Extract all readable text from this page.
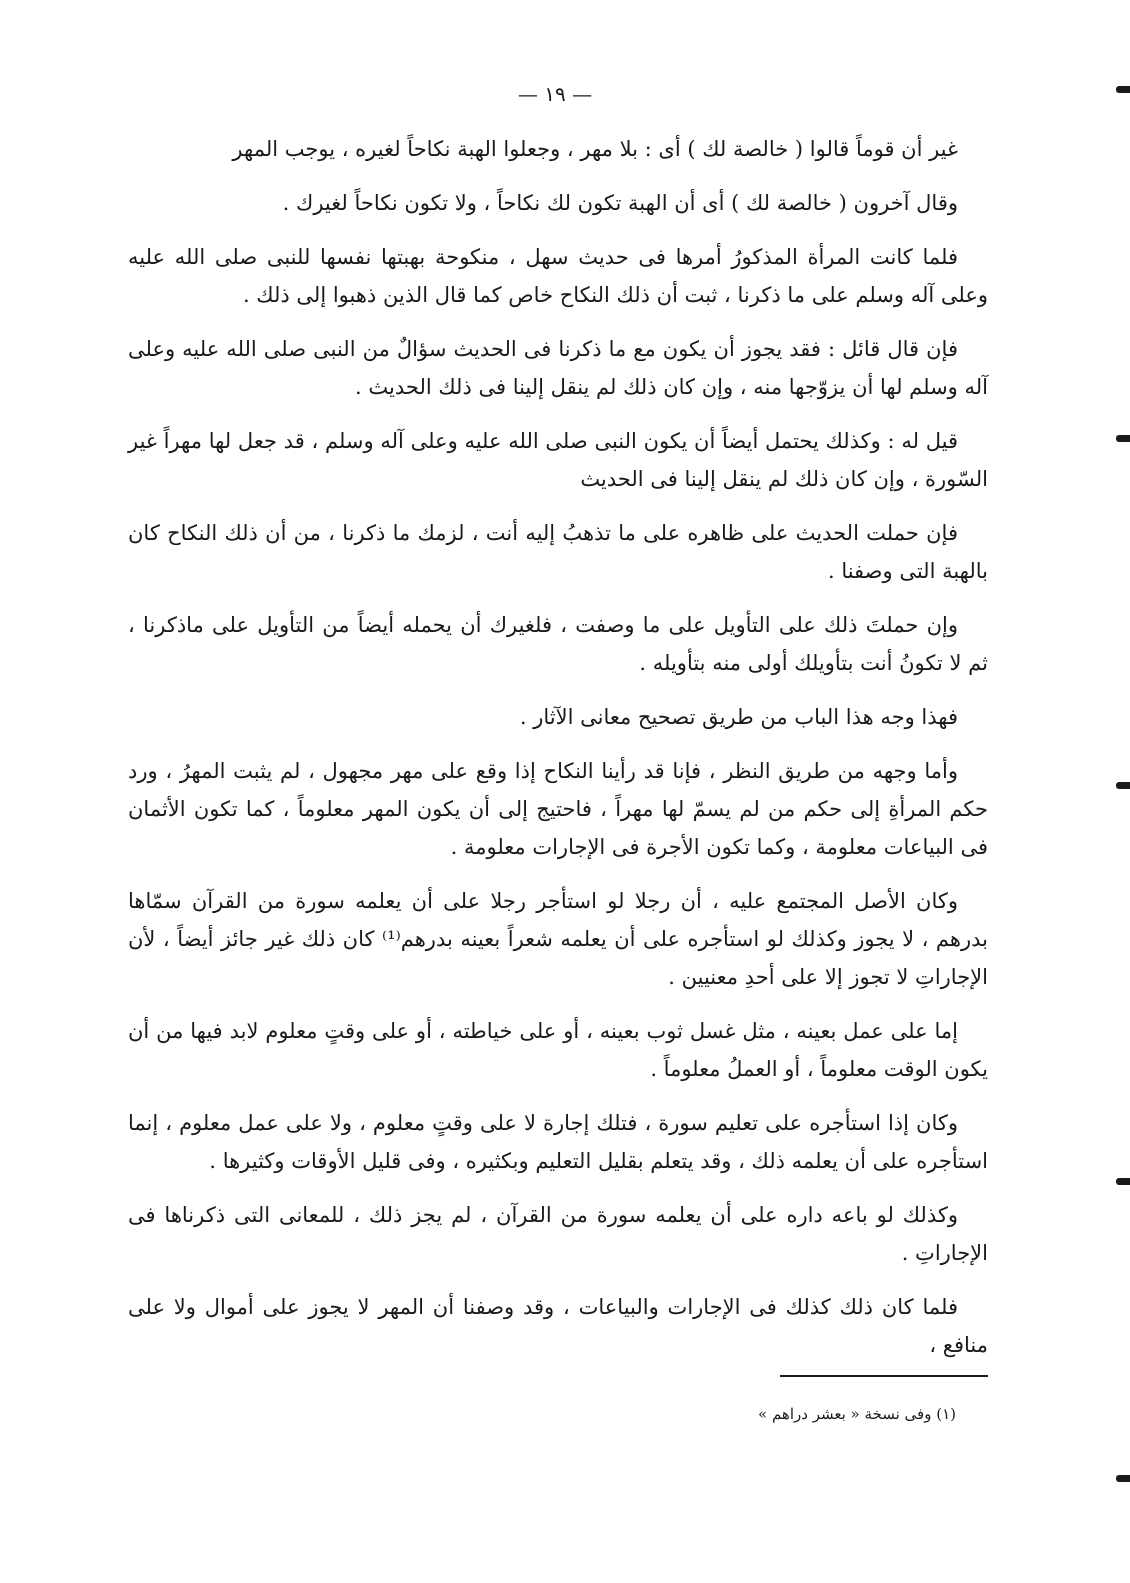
— ١٩ —

غير أن قوماً قالوا ( خالصة لك ) أى : بلا مهر ، وجعلوا الهبة نكاحاً لغيره ، يوجب المهر

وقال آخرون ( خالصة لك ) أى أن الهبة تكون لك نكاحاً ، ولا تكون نكاحاً لغيرك .

فلما كانت المرأة المذكورُ أمرها فى حديث سهل ، منكوحة بهبتها نفسها للنبى صلى الله عليه وعلى آله وسلم على ما ذكرنا ، ثبت أن ذلك النكاح خاص كما قال الذين ذهبوا إلى ذلك .

فإن قال قائل : فقد يجوز أن يكون مع ما ذكرنا فى الحديث سؤالٌ من النبى صلى الله عليه وعلى آله وسلم لها أن يزوّجها منه ، وإن كان ذلك لم ينقل إلينا فى ذلك الحديث .

قيل له : وكذلك يحتمل أيضاً أن يكون النبى صلى الله عليه وعلى آله وسلم ، قد جعل لها مهراً غير السّورة ، وإن كان ذلك لم ينقل إلينا فى الحديث

فإن حملت الحديث على ظاهره على ما تذهبُ إليه أنت ، لزمك ما ذكرنا ، من أن ذلك النكاح كان بالهبة التى وصفنا .

وإن حملتَ ذلك على التأويل على ما وصفت ، فلغيرك أن يحمله أيضاً من التأويل على ماذكرنا ، ثم لا تكونُ أنت بتأويلك أولى منه بتأويله .

فهذا وجه هذا الباب من طريق تصحيح معانى الآثار .

وأما وجهه من طريق النظر ، فإنا قد رأينا النكاح إذا وقع على مهر مجهول ، لم يثبت المهرُ ، ورد حكم المرأةِ إلى حكم من لم يسمّ لها مهراً ، فاحتيج إلى أن يكون المهر معلوماً ، كما تكون الأثمان فى البياعات معلومة ، وكما تكون الأجرة فى الإجارات معلومة .

وكان الأصل المجتمع عليه ، أن رجلا لو استأجر رجلا على أن يعلمه سورة من القرآن سمّاها بدرهم ، لا يجوز وكذلك لو استأجره على أن يعلمه شعراً بعينه بدرهم⁽¹⁾ كان ذلك غير جائز أيضاً ، لأن الإجاراتِ لا تجوز إلا على أحدِ معنيين .

إما على عمل بعينه ، مثل غسل ثوب بعينه ، أو على خياطته ، أو على وقتٍ معلوم لابد فيها من أن يكون الوقت معلوماً ، أو العملُ معلوماً .

وكان إذا استأجره على تعليم سورة ، فتلك إجارة لا على وقتٍ معلوم ، ولا على عمل معلوم ، إنما استأجره على أن يعلمه ذلك ، وقد يتعلم بقليل التعليم وبكثيره ، وفى قليل الأوقات وكثيرها .

وكذلك لو باعه داره على أن يعلمه سورة من القرآن ، لم يجز ذلك ، للمعانى التى ذكرناها فى الإجاراتِ .

فلما كان ذلك كذلك فى الإجارات والبياعات ، وقد وصفنا أن المهر لا يجوز على أموال ولا على منافع ،

(١) وفى نسخة « بعشر دراهم »
